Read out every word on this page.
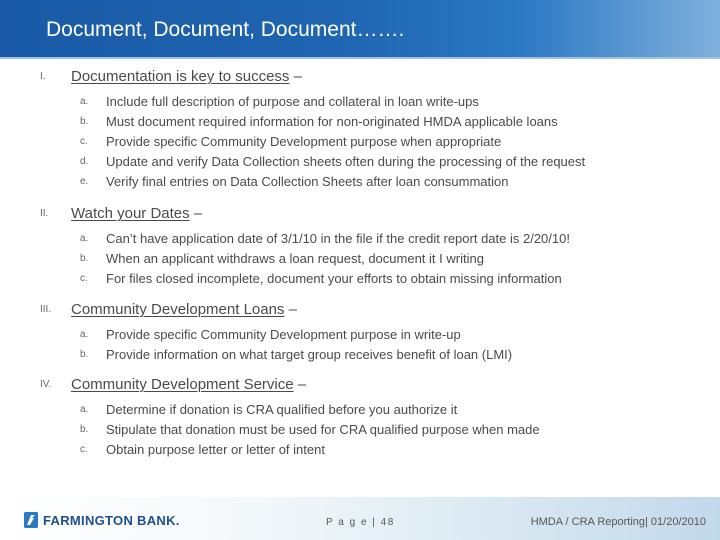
Document, Document, Document…….
I. Documentation is key to success –
a. Include full description of purpose and collateral in loan write-ups
b. Must document required information for non-originated HMDA applicable loans
c. Provide specific Community Development purpose when appropriate
d. Update and verify Data Collection sheets often during the processing of the request
e. Verify final entries on Data Collection Sheets after loan consummation
II. Watch your Dates –
a. Can’t have application date of 3/1/10 in the file if the credit report date is 2/20/10!
b. When an applicant withdraws a loan request, document it I writing
c. For files closed incomplete, document your efforts to obtain missing information
III. Community Development Loans –
a. Provide specific Community Development purpose in write-up
b. Provide information on what target group receives benefit of loan (LMI)
IV. Community Development Service –
a. Determine if donation is CRA qualified before you authorize it
b. Stipulate that donation must be used for CRA qualified purpose when made
c. Obtain purpose letter or letter of intent
FARMINGTON BANK.	P a g e | 48	HMDA / CRA Reporting| 01/20/2010
